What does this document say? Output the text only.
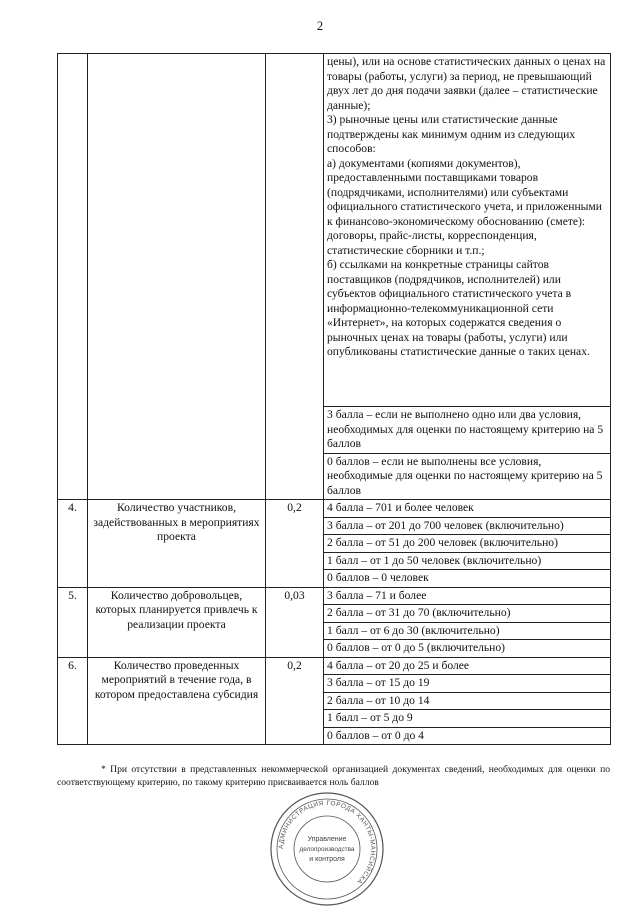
2

			цены), или на основе статистических данных о ценах на товары (работы, услуги) за период, не превышающий двух лет до дня подачи заявки (далее – статистические данные);
3) рыночные цены или статистические данные подтверждены как минимум одним из следующих способов:
а) документами (копиями документов), предоставленными поставщиками товаров (подрядчиками, исполнителями) или субъектами официального статистического учета, и приложенными к финансово-экономическому обоснованию (смете): договоры, прайс-листы, корреспонденция, статистические сборники и т.п.;
б) ссылками на конкретные страницы сайтов поставщиков (подрядчиков, исполнителей) или субъектов официального статистического учета в информационно-телекоммуникационной сети «Интернет», на которых содержатся сведения о рыночных ценах на товары (работы, услуги) или опубликованы статистические данные о таких ценах.

			3 балла – если не выполнено одно или два условия, необходимых для оценки по настоящему критерию на 5 баллов
			0 баллов – если не выполнены все условия, необходимые для оценки по настоящему критерию на 5 баллов
4.	Количество участников, задействованных в мероприятиях проекта	0,2	4 балла – 701 и более человек
			3 балла – от 201 до 700 человек (включительно)
			2 балла – от 51 до 200 человек (включительно)
			1 балл – от 1 до 50 человек (включительно)
			0 баллов – 0 человек
5.	Количество добровольцев, которых планируется привлечь к реализации проекта	0,03	3 балла – 71 и более
			2 балла – от 31 до 70 (включительно)
			1 балл – от 6 до 30 (включительно)
			0 баллов – от 0 до 5 (включительно)
6.	Количество проведенных мероприятий в течение года, в котором предоставлена субсидия	0,2	4 балла – от 20 до 25 и более
			3 балла – от 15 до 19
			2 балла – от 10 до 14
			1 балл – от 5 до 9
			0 баллов – от 0 до 4
* При отсутствии в представленных некоммерческой организацией документах сведений, необходимых для оценки по соответствующему критерию, по такому критерию присваивается ноль баллов
АДМИНИСТРАЦИЯ ГОРОДА ХАНТЫ-МАНСИЙСКА
Управление
делопроизводства
и контроля
